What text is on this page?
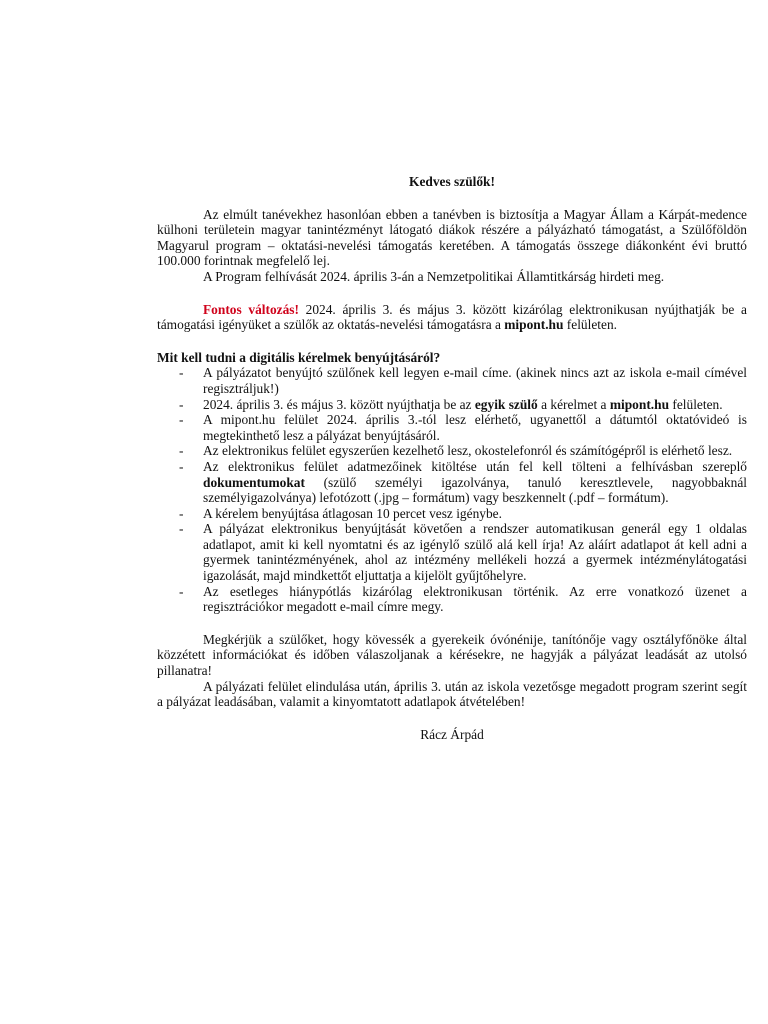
Kedves szülők!

Az elmúlt tanévekhez hasonlóan ebben a tanévben is biztosítja a Magyar Állam a Kárpát-medence külhoni területein magyar tanintézményt látogató diákok részére a pályázható támogatást, a Szülőföldön Magyarul program – oktatási-nevelési támogatás keretében. A támogatás összege diákonként évi bruttó 100.000 forintnak megfelelő lej.

A Program felhívását 2024. április 3-án a Nemzetpolitikai Államtitkárság hirdeti meg.

Fontos változás! 2024. április 3. és május 3. között kizárólag elektronikusan nyújthatják be a támogatási igényüket a szülők az oktatás-nevelési támogatásra a mipont.hu felületen.

Mit kell tudni a digitális kérelmek benyújtásáról?

- A pályázatot benyújtó szülőnek kell legyen e-mail címe. (akinek nincs azt az iskola e-mail címével regisztráljuk!)
- 2024. április 3. és május 3. között nyújthatja be az egyik szülő a kérelmet a mipont.hu felületen.
- A mipont.hu felület 2024. április 3.-tól lesz elérhető, ugyanettől a dátumtól oktatóvideó is megtekinthető lesz a pályázat benyújtásáról.
- Az elektronikus felület egyszerűen kezelhető lesz, okostelefonról és számítógépről is elérhető lesz.
- Az elektronikus felület adatmezőinek kitöltése után fel kell tölteni a felhívásban szereplő dokumentumokat (szülő személyi igazolványa, tanuló keresztlevele, nagyobbaknál személyigazolványa) lefotózott (.jpg – formátum) vagy beszkennelt (.pdf – formátum).
- A kérelem benyújtása átlagosan 10 percet vesz igénybe.
- A pályázat elektronikus benyújtását követően a rendszer automatikusan generál egy 1 oldalas adatlapot, amit ki kell nyomtatni és az igénylő szülő alá kell írja! Az aláírt adatlapot át kell adni a gyermek tanintézményének, ahol az intézmény mellékeli hozzá a gyermek intézménylátogatási igazolását, majd mindkettőt eljuttatja a kijelölt gyűjtőhelyre.
- Az esetleges hiánypótlás kizárólag elektronikusan történik. Az erre vonatkozó üzenet a regisztrációkor megadott e-mail címre megy.

Megkérjük a szülőket, hogy kövessék a gyerekeik óvónénije, tanítónője vagy osztályfőnöke által közzétett információkat és időben válaszoljanak a kérésekre, ne hagyják a pályázat leadását az utolsó pillanatra!

A pályázati felület elindulása után, április 3. után az iskola vezetősge megadott program szerint segít a pályázat leadásában, valamit a kinyomtatott adatlapok átvételében!

Rácz Árpád
